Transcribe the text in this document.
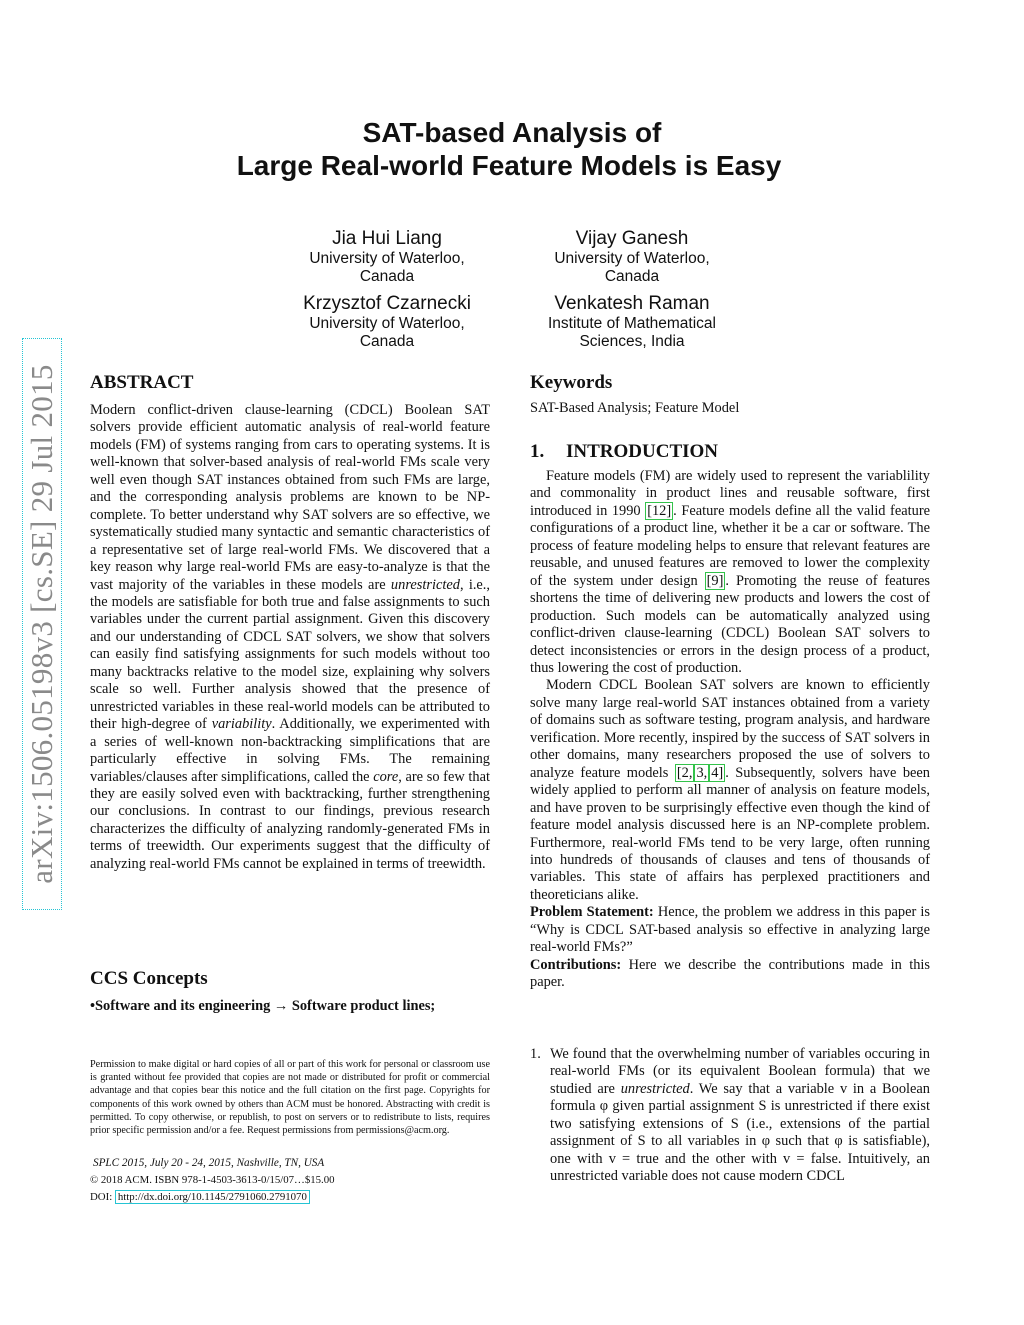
arXiv:1506.05198v3 [cs.SE] 29 Jul 2015
SAT-based Analysis of
Large Real-world Feature Models is Easy
Jia Hui Liang
University of Waterloo,
Canada
Vijay Ganesh
University of Waterloo,
Canada
Krzysztof Czarnecki
University of Waterloo,
Canada
Venkatesh Raman
Institute of Mathematical
Sciences, India
ABSTRACT

Modern conflict-driven clause-learning (CDCL) Boolean SAT solvers provide efficient automatic analysis of real-world feature models (FM) of systems ranging from cars to operating systems. It is well-known that solver-based analysis of real-world FMs scale very well even though SAT instances obtained from such FMs are large, and the corresponding analysis problems are known to be NP-complete. To better understand why SAT solvers are so effective, we systematically studied many syntactic and semantic characteristics of a representative set of large real-world FMs. We discovered that a key reason why large real-world FMs are easy-to-analyze is that the vast majority of the variables in these models are unrestricted, i.e., the models are satisfiable for both true and false assignments to such variables under the current partial assignment. Given this discovery and our understanding of CDCL SAT solvers, we show that solvers can easily find satisfying assignments for such models without too many backtracks relative to the model size, explaining why solvers scale so well. Further analysis showed that the presence of unrestricted variables in these real-world models can be attributed to their high-degree of variability. Additionally, we experimented with a series of well-known non-backtracking simplifications that are particularly effective in solving FMs. The remaining variables/clauses after simplifications, called the core, are so few that they are easily solved even with backtracking, further strengthening our conclusions. In contrast to our findings, previous research characterizes the difficulty of analyzing randomly-generated FMs in terms of treewidth. Our experiments suggest that the difficulty of analyzing real-world FMs cannot be explained in terms of treewidth.

CCS Concepts
•Software and its engineering → Software product lines;
Permission to make digital or hard copies of all or part of this work for personal or classroom use is granted without fee provided that copies are not made or distributed for profit or commercial advantage and that copies bear this notice and the full citation on the first page. Copyrights for components of this work owned by others than ACM must be honored. Abstracting with credit is permitted. To copy otherwise, or republish, to post on servers or to redistribute to lists, requires prior specific permission and/or a fee. Request permissions from permissions@acm.org.
SPLC 2015, July 20 - 24, 2015, Nashville, TN, USA
© 2018 ACM. ISBN 978-1-4503-3613-0/15/07…$15.00
DOI: http://dx.doi.org/10.1145/2791060.2791070
Keywords

SAT-Based Analysis; Feature Model

1. INTRODUCTION

Feature models (FM) are widely used to represent the variablility and commonality in product lines and reusable software, first introduced in 1990 [12] . Feature models define all the valid feature configurations of a product line, whether it be a car or software. The process of feature modeling helps to ensure that relevant features are reusable, and unused features are removed to lower the complexity of the system under design [9] . Promoting the reuse of features shortens the time of delivering new products and lowers the cost of production. Such models can be automatically analyzed using conflict-driven clause-learning (CDCL) Boolean SAT solvers to detect inconsistencies or errors in the design process of a product, thus lowering the cost of production.

Modern CDCL Boolean SAT solvers are known to efficiently solve many large real-world SAT instances obtained from a variety of domains such as software testing, program analysis, and hardware verification. More recently, inspired by the success of SAT solvers in other domains, many researchers proposed the use of solvers to analyze feature models [2, 3, 4] . Subsequently, solvers have been widely applied to perform all manner of analysis on feature models, and have proven to be surprisingly effective even though the kind of feature model analysis discussed here is an NP-complete problem. Furthermore, real-world FMs tend to be very large, often running into hundreds of thousands of clauses and tens of thousands of variables. This state of affairs has perplexed practitioners and theoreticians alike.

Problem Statement: Hence, the problem we address in this paper is “Why is CDCL SAT-based analysis so effective in analyzing large real-world FMs?”

Contributions: Here we describe the contributions made in this paper.

1. We found that the overwhelming number of variables occuring in real-world FMs (or its equivalent Boolean formula) that we studied are unrestricted. We say that a variable v in a Boolean formula φ given partial assignment S is unrestricted if there exist two satisfying extensions of S (i.e., extensions of the partial assignment of S to all variables in φ such that φ is satisfiable), one with v = true and the other with v = false. Intuitively, an unrestricted variable does not cause modern CDCL
